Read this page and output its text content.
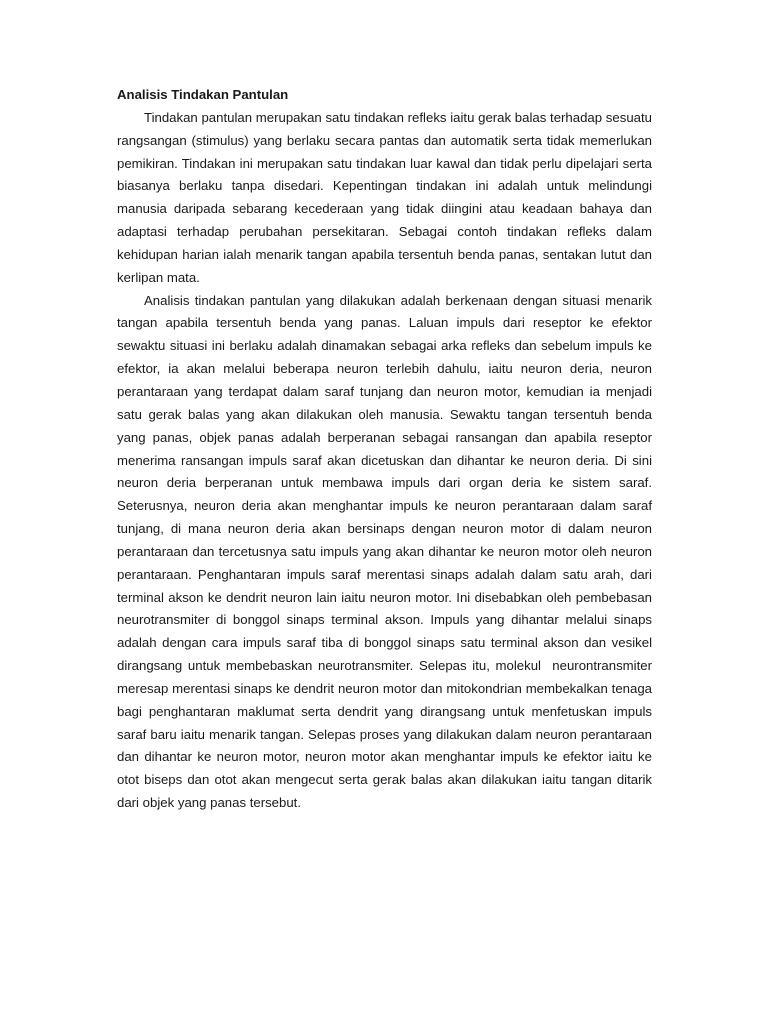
Analisis Tindakan Pantulan

Tindakan pantulan merupakan satu tindakan refleks iaitu gerak balas terhadap sesuatu rangsangan (stimulus) yang berlaku secara pantas dan automatik serta tidak memerlukan pemikiran. Tindakan ini merupakan satu tindakan luar kawal dan tidak perlu dipelajari serta biasanya berlaku tanpa disedari. Kepentingan tindakan ini adalah untuk melindungi manusia daripada sebarang kecederaan yang tidak diingini atau keadaan bahaya dan adaptasi terhadap perubahan persekitaran. Sebagai contoh tindakan refleks dalam kehidupan harian ialah menarik tangan apabila tersentuh benda panas, sentakan lutut dan kerlipan mata.

Analisis tindakan pantulan yang dilakukan adalah berkenaan dengan situasi menarik tangan apabila tersentuh benda yang panas. Laluan impuls dari reseptor ke efektor sewaktu situasi ini berlaku adalah dinamakan sebagai arka refleks dan sebelum impuls ke efektor, ia akan melalui beberapa neuron terlebih dahulu, iaitu neuron deria, neuron perantaraan yang terdapat dalam saraf tunjang dan neuron motor, kemudian ia menjadi satu gerak balas yang akan dilakukan oleh manusia. Sewaktu tangan tersentuh benda yang panas, objek panas adalah berperanan sebagai ransangan dan apabila reseptor menerima ransangan impuls saraf akan dicetuskan dan dihantar ke neuron deria. Di sini neuron deria berperanan untuk membawa impuls dari organ deria ke sistem saraf. Seterusnya, neuron deria akan menghantar impuls ke neuron perantaraan dalam saraf tunjang, di mana neuron deria akan bersinaps dengan neuron motor di dalam neuron perantaraan dan tercetusnya satu impuls yang akan dihantar ke neuron motor oleh neuron perantaraan. Penghantaran impuls saraf merentasi sinaps adalah dalam satu arah, dari terminal akson ke dendrit neuron lain iaitu neuron motor. Ini disebabkan oleh pembebasan neurotransmiter di bonggol sinaps terminal akson. Impuls yang dihantar melalui sinaps adalah dengan cara impuls saraf tiba di bonggol sinaps satu terminal akson dan vesikel dirangsang untuk membebaskan neurotransmiter. Selepas itu, molekul  neurontransmiter meresap merentasi sinaps ke dendrit neuron motor dan mitokondrian membekalkan tenaga bagi penghantaran maklumat serta dendrit yang dirangsang untuk menfetuskan impuls saraf baru iaitu menarik tangan. Selepas proses yang dilakukan dalam neuron perantaraan dan dihantar ke neuron motor, neuron motor akan menghantar impuls ke efektor iaitu ke otot biseps dan otot akan mengecut serta gerak balas akan dilakukan iaitu tangan ditarik dari objek yang panas tersebut.
